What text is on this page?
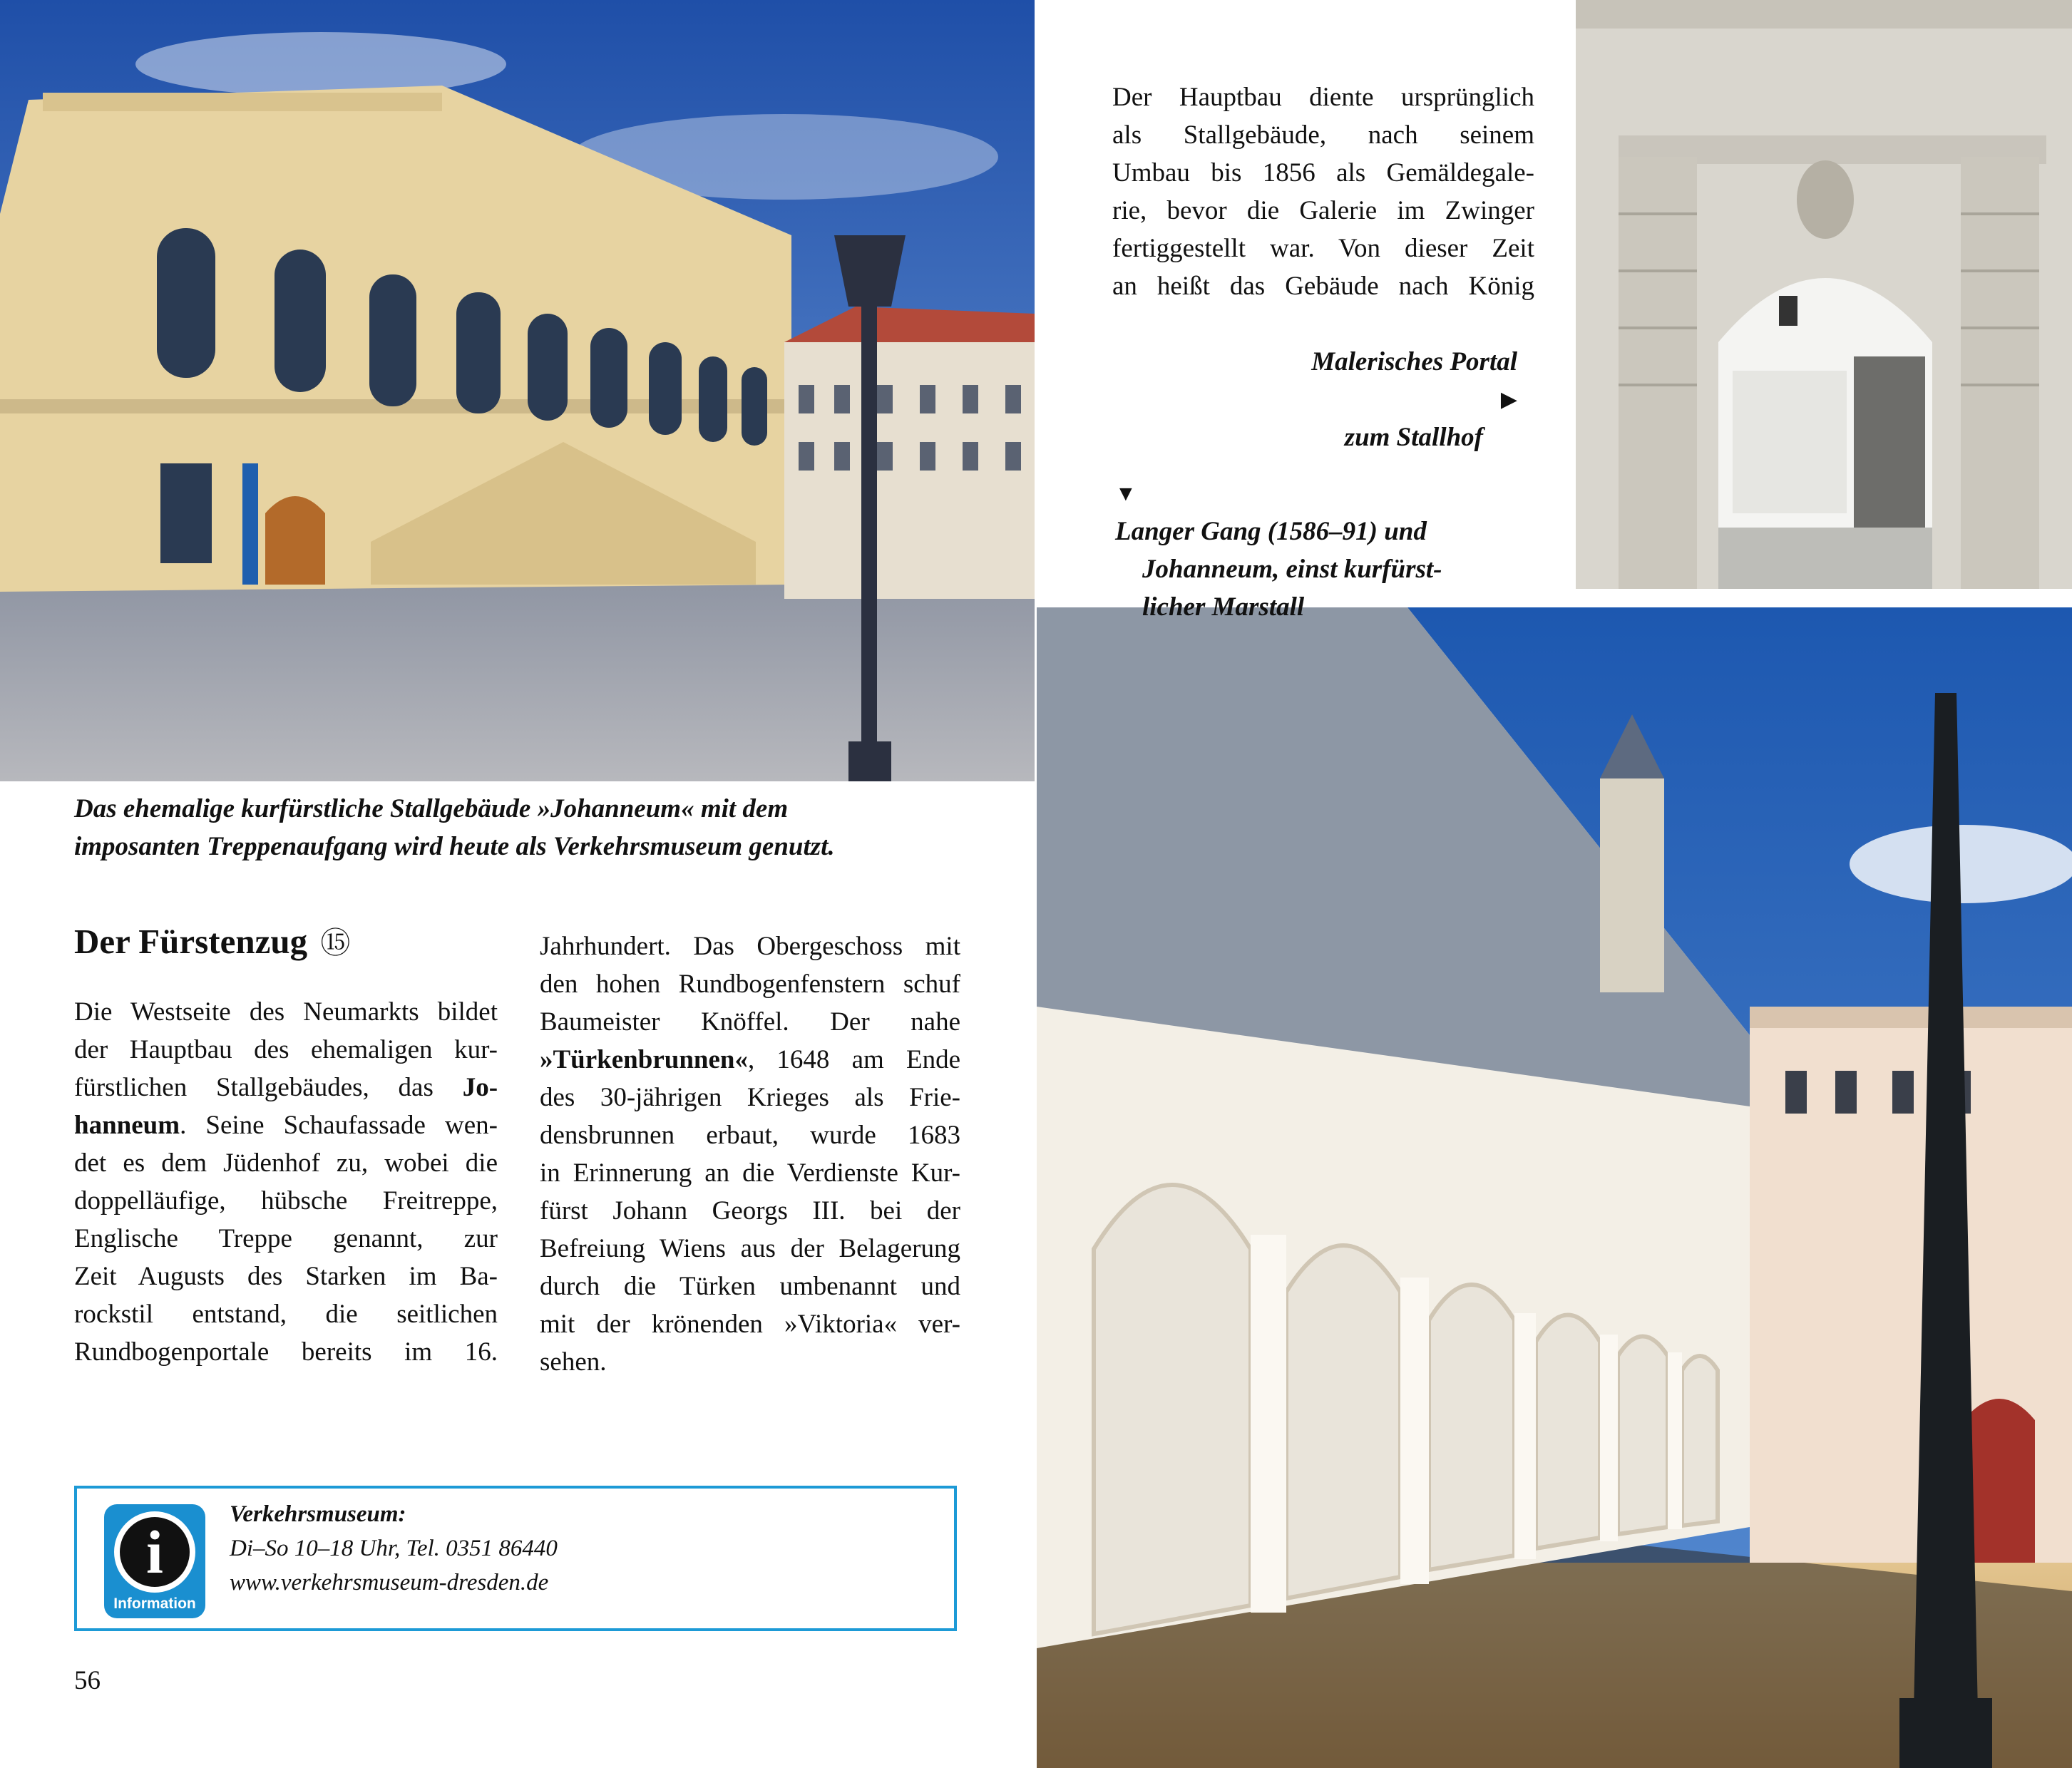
Das ehemalige kurfürstliche Stallgebäude »Johanneum« mit dem
imposanten Treppenaufgang wird heute als Verkehrsmuseum genutzt.
Der Fürstenzug ⑮
Die Westseite des Neumarkts bildet
der Hauptbau des ehemaligen kur-
fürstlichen Stallgebäudes, das Jo-
hanneum. Seine Schaufassade wen-
det es dem Jüdenhof zu, wobei die
doppelläufige, hübsche Freitreppe,
Englische Treppe genannt, zur
Zeit Augusts des Starken im Ba-
rockstil entstand, die seitlichen
Rundbogenportale bereits im 16.
Jahrhundert. Das Obergeschoss mit
den hohen Rundbogenfenstern schuf
Baumeister Knöffel. Der nahe
»Türkenbrunnen«, 1648 am Ende
des 30-jährigen Krieges als Frie-
densbrunnen erbaut, wurde 1683
in Erinnerung an die Verdienste Kur-
fürst Johann Georgs III. bei der
Befreiung Wiens aus der Belagerung
durch die Türken umbenannt und
mit der krönenden »Viktoria« ver-
sehen.
Der Hauptbau diente ursprünglich
als Stallgebäude, nach seinem
Umbau bis 1856 als Gemäldegale-
rie, bevor die Galerie im Zwinger
fertiggestellt war. Von dieser Zeit
an heißt das Gebäude nach König
Malerisches Portal
▶
zum Stallhof
▼
Langer Gang (1586–91) und
Johanneum, einst kurfürst-
licher Marstall
i
Information
Verkehrsmuseum:
Di–So 10–18 Uhr, Tel. 0351 86440
www.verkehrsmuseum-dresden.de
56
